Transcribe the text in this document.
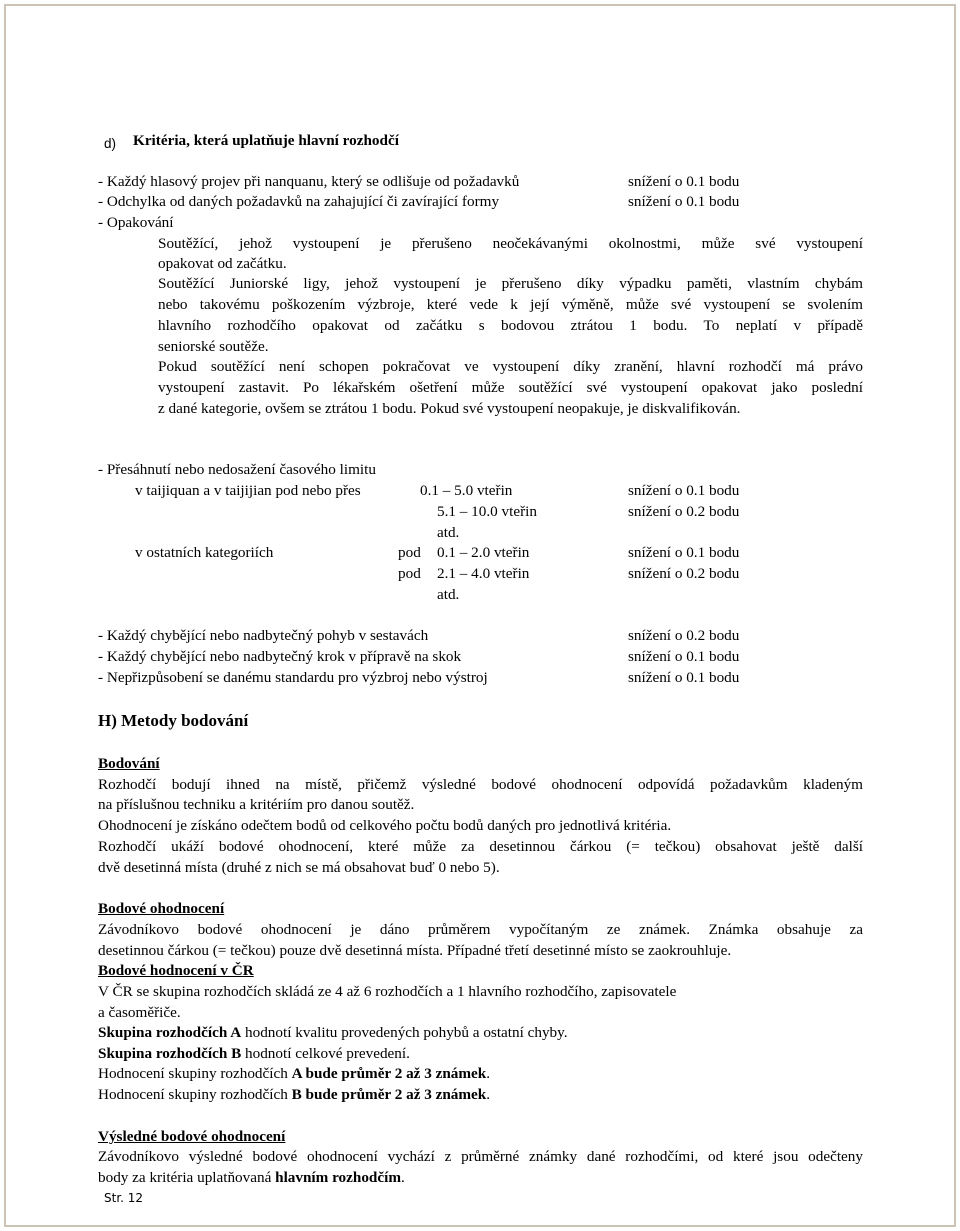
d) Kritéria, která uplatňuje hlavní rozhodčí
- Každý hlasový projev při nanquanu, který se odlišuje od požadavků	snížení o 0.1 bodu
- Odchylka od daných požadavků na zahajující či zavírající formy	snížení o 0.1 bodu
- Opakování
Soutěžící, jehož vystoupení je přerušeno neočekávanými okolnostmi, může své vystoupení
opakovat od začátku.
Soutěžící Juniorské ligy, jehož vystoupení je přerušeno díky výpadku paměti, vlastním chybám
nebo takovému poškozením výzbroje, které vede k její výměně, může své vystoupení se svolením
hlavního rozhodčího opakovat od začátku s bodovou ztrátou 1 bodu. To neplatí v případě
seniorské soutěže.
Pokud soutěžící není schopen pokračovat ve vystoupení díky zranění, hlavní rozhodčí má právo
vystoupení zastavit. Po lékařském ošetření může soutěžící své vystoupení opakovat jako poslední
z dané kategorie, ovšem se ztrátou 1 bodu. Pokud své vystoupení neopakuje, je diskvalifikován.
- Přesáhnutí nebo nedosažení časového limitu
v taijiquan a v taijijian pod nebo přes	0.1 – 5.0 vteřin	snížení o 0.1 bodu
5.1 – 10.0 vteřin	snížení o 0.2 bodu
atd.
v ostatních kategoriích	pod 0.1 – 2.0 vteřin	snížení o 0.1 bodu
pod 2.1 – 4.0 vteřin	snížení o 0.2 bodu
atd.
- Každý chybějící nebo nadbytečný pohyb v sestavách	snížení o 0.2 bodu
- Každý chybějící nebo nadbytečný krok v přípravě na skok	snížení o 0.1 bodu
- Nepřizpůsobení se danému standardu pro výzbroj nebo výstroj	snížení o 0.1 bodu
H) Metody bodování
Bodování
Rozhodčí bodují ihned na místě, přičemž výsledné bodové ohodnocení odpovídá požadavkům kladeným
na příslušnou techniku a kritériím pro danou soutěž.
Ohodnocení je získáno odečtem bodů od celkového počtu bodů daných pro jednotlivá kritéria.
Rozhodčí ukáží bodové ohodnocení, které může za desetinnou čárkou (= tečkou) obsahovat ještě další
dvě desetinná místa (druhé z nich se má obsahovat buď 0 nebo 5).
Bodové ohodnocení
Závodníkovo bodové ohodnocení je dáno průměrem vypočítaným ze známek. Známka obsahuje za
desetinnou čárkou (= tečkou) pouze dvě desetinná místa. Případné třetí desetinné místo se zaokrouhluje.
Bodové hodnocení v ČR
V ČR se skupina rozhodčích skládá ze 4 až 6 rozhodčích a 1 hlavního rozhodčího, zapisovatele
a časoměřiče.
Skupina rozhodčích A hodnotí kvalitu provedených pohybů a ostatní chyby.
Skupina rozhodčích B hodnotí celkové prevedení.
Hodnocení skupiny rozhodčích A bude průměr 2 až 3 známek.
Hodnocení skupiny rozhodčích B bude průměr 2 až 3 známek.
Výsledné bodové ohodnocení
Závodníkovo výsledné bodové ohodnocení vychází z průměrné známky dané rozhodčími, od které jsou odečteny
body za kritéria uplatňovaná hlavním rozhodčím.
Str. 12
